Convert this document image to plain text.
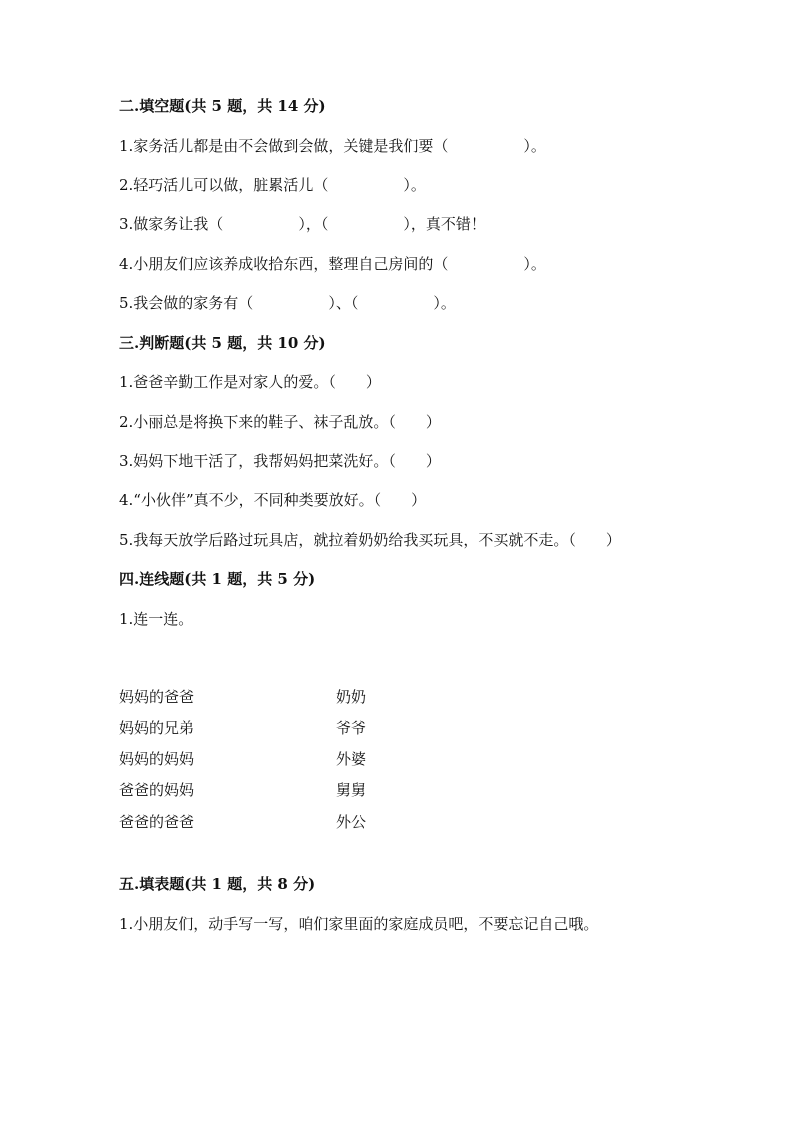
二.填空题(共 5 题，共 14 分)
1.家务活儿都是由不会做到会做，关键是我们要（　　　　　）。
2.轻巧活儿可以做，脏累活儿（　　　　　）。
3.做家务让我（　　　　　），（　　　　　），真不错！
4.小朋友们应该养成收拾东西，整理自己房间的（　　　　　）。
5.我会做的家务有（　　　　　）、（　　　　　）。
三.判断题(共 5 题，共 10 分)
1.爸爸辛勤工作是对家人的爱。（　　）
2.小丽总是将换下来的鞋子、袜子乱放。（　　）
3.妈妈下地干活了，我帮妈妈把菜洗好。（　　）
4.“小伙伴”真不少，不同种类要放好。（　　）
5.我每天放学后路过玩具店，就拉着奶奶给我买玩具，不买就不走。（　　）
四.连线题(共 1 题，共 5 分)
1.连一连。
妈妈的爸爸
妈妈的兄弟
妈妈的妈妈
爸爸的妈妈
爸爸的爸爸
奶奶
爷爷
外婆
舅舅
外公
五.填表题(共 1 题，共 8 分)
1.小朋友们，动手写一写，咱们家里面的家庭成员吧，不要忘记自己哦。
